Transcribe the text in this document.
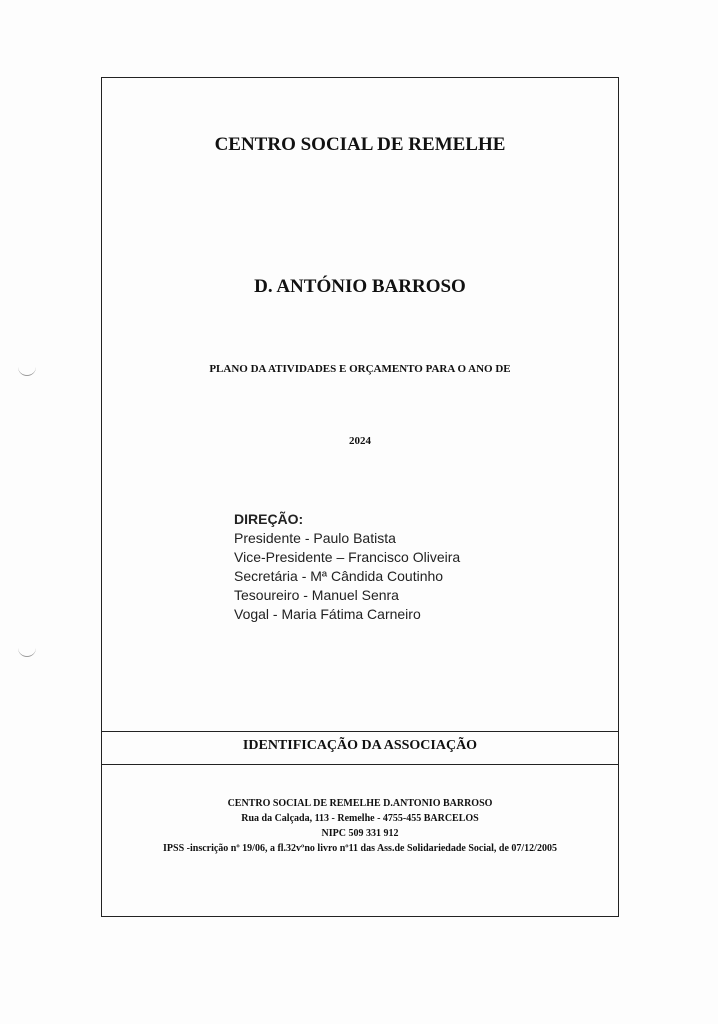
CENTRO SOCIAL DE REMELHE
D. ANTÓNIO BARROSO
PLANO DA ATIVIDADES E ORÇAMENTO PARA O ANO DE
2024
DIREÇÃO:
Presidente - Paulo Batista
Vice-Presidente – Francisco Oliveira
Secretária - Mª Cândida Coutinho
Tesoureiro - Manuel Senra
Vogal - Maria Fátima Carneiro
IDENTIFICAÇÃO DA ASSOCIAÇÃO
CENTRO SOCIAL DE REMELHE D.ANTONIO BARROSO
Rua da Calçada, 113 - Remelhe - 4755-455 BARCELOS
NIPC 509 331 912
IPSS -inscrição nº 19/06, a fl.32vºno livro nº11 das Ass.de Solidariedade Social, de 07/12/2005
